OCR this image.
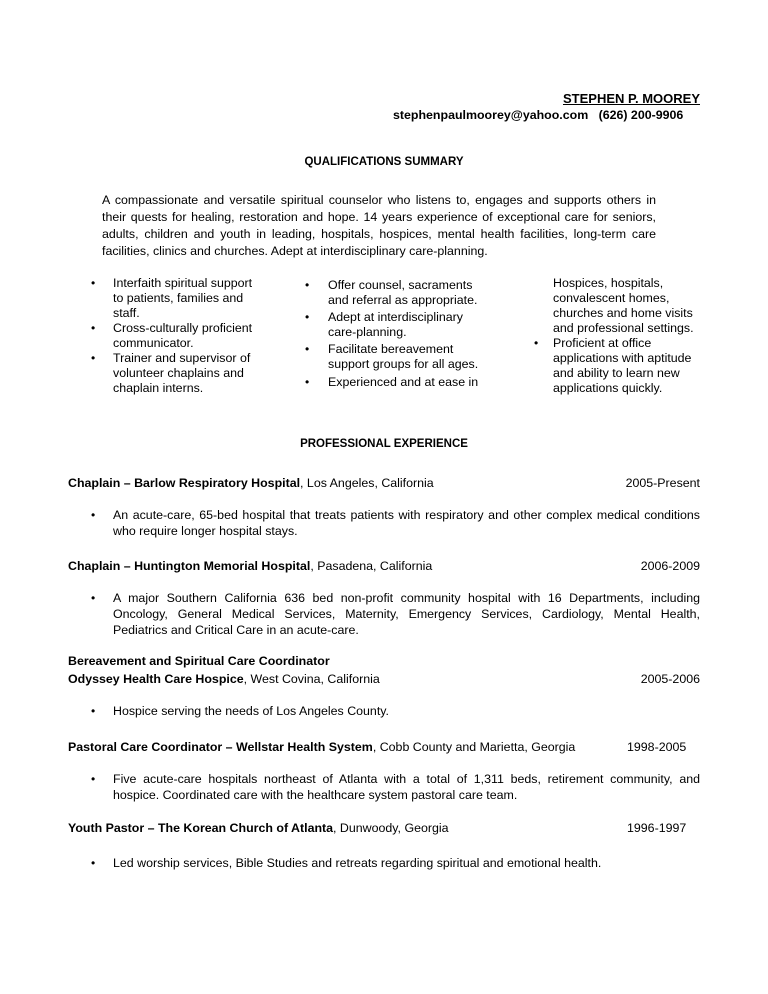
STEPHEN P. MOOREY
stephenpaulmoorey@yahoo.com (626) 200-9906
QUALIFICATIONS SUMMARY
A compassionate and versatile spiritual counselor who listens to, engages and supports others in
their quests for healing, restoration and hope. 14 years experience of exceptional care for seniors,
adults, children and youth in leading, hospitals, hospices, mental health facilities, long-term care
facilities, clinics and churches. Adept at interdisciplinary care-planning.
• Interfaith spiritual support
to patients, families and
staff.
• Cross-culturally proficient
communicator.
• Trainer and supervisor of
volunteer chaplains and
chaplain interns.
• Offer counsel, sacraments
and referral as appropriate.
• Adept at interdisciplinary
care-planning.
• Facilitate bereavement
support groups for all ages.
• Experienced and at ease in
Hospices, hospitals,
convalescent homes,
churches and home visits
and professional settings.
• Proficient at office
applications with aptitude
and ability to learn new
applications quickly.
PROFESSIONAL EXPERIENCE
Chaplain – Barlow Respiratory Hospital, Los Angeles, California	2005-Present
• An acute-care, 65-bed hospital that treats patients with respiratory and other complex medical conditions
who require longer hospital stays.
Chaplain – Huntington Memorial Hospital, Pasadena, California	2006-2009
• A major Southern California 636 bed non-profit community hospital with 16 Departments, including
Oncology, General Medical Services, Maternity, Emergency Services, Cardiology, Mental Health,
Pediatrics and Critical Care in an acute-care.
Bereavement and Spiritual Care Coordinator
Odyssey Health Care Hospice, West Covina, California	2005-2006
• Hospice serving the needs of Los Angeles County.
Pastoral Care Coordinator – Wellstar Health System, Cobb County and Marietta, Georgia	1998-2005
• Five acute-care hospitals northeast of Atlanta with a total of 1,311 beds, retirement community, and
hospice. Coordinated care with the healthcare system pastoral care team.
Youth Pastor – The Korean Church of Atlanta, Dunwoody, Georgia	1996-1997
• Led worship services, Bible Studies and retreats regarding spiritual and emotional health.
